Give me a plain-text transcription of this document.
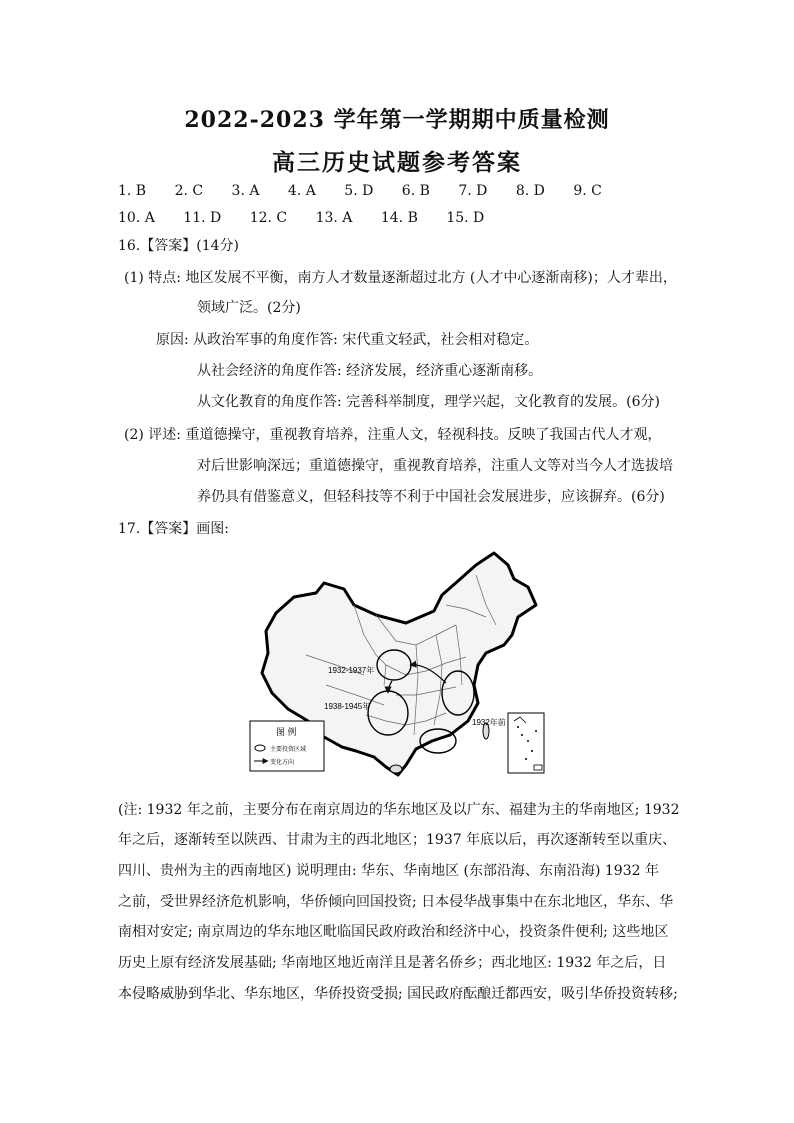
2022-2023 学年第一学期期中质量检测
高三历史试题参考答案
1. B 2. C 3. A 4. A 5. D 6. B 7. D 8. D 9. C
10. A 11. D 12. C 13. A 14. B 15. D
16.【答案】(14分)
(1) 特点: 地区发展不平衡，南方人才数量逐渐超过北方 (人才中心逐渐南移)；人才辈出，
领域广泛。(2分)
原因: 从政治军事的角度作答: 宋代重文轻武，社会相对稳定。
从社会经济的角度作答: 经济发展，经济重心逐渐南移。
从文化教育的角度作答: 完善科举制度，理学兴起，文化教育的发展。(6分)
(2) 评述: 重道德操守，重视教育培养，注重人文，轻视科技。反映了我国古代人才观，
对后世影响深远；重道德操守，重视教育培养，注重人文等对当今人才选拔培
养仍具有借鉴意义，但轻科技等不利于中国社会发展进步，应该摒弃。(6分)
17.【答案】画图:
1932-1937年
1938-1945年
1932年前
图 例
主要投资区域
变化方向
(注: 1932 年之前，主要分布在南京周边的华东地区及以广东、福建为主的华南地区; 1932
年之后，逐渐转至以陕西、甘肃为主的西北地区；1937 年底以后，再次逐渐转至以重庆、
四川、贵州为主的西南地区) 说明理由: 华东、华南地区 (东部沿海、东南沿海) 1932 年
之前，受世界经济危机影响，华侨倾向回国投资; 日本侵华战事集中在东北地区，华东、华
南相对安定; 南京周边的华东地区毗临国民政府政治和经济中心，投资条件便利; 这些地区
历史上原有经济发展基础; 华南地区地近南洋且是著名侨乡；西北地区: 1932 年之后，日
本侵略威胁到华北、华东地区，华侨投资受损; 国民政府酝酿迁都西安，吸引华侨投资转移;
